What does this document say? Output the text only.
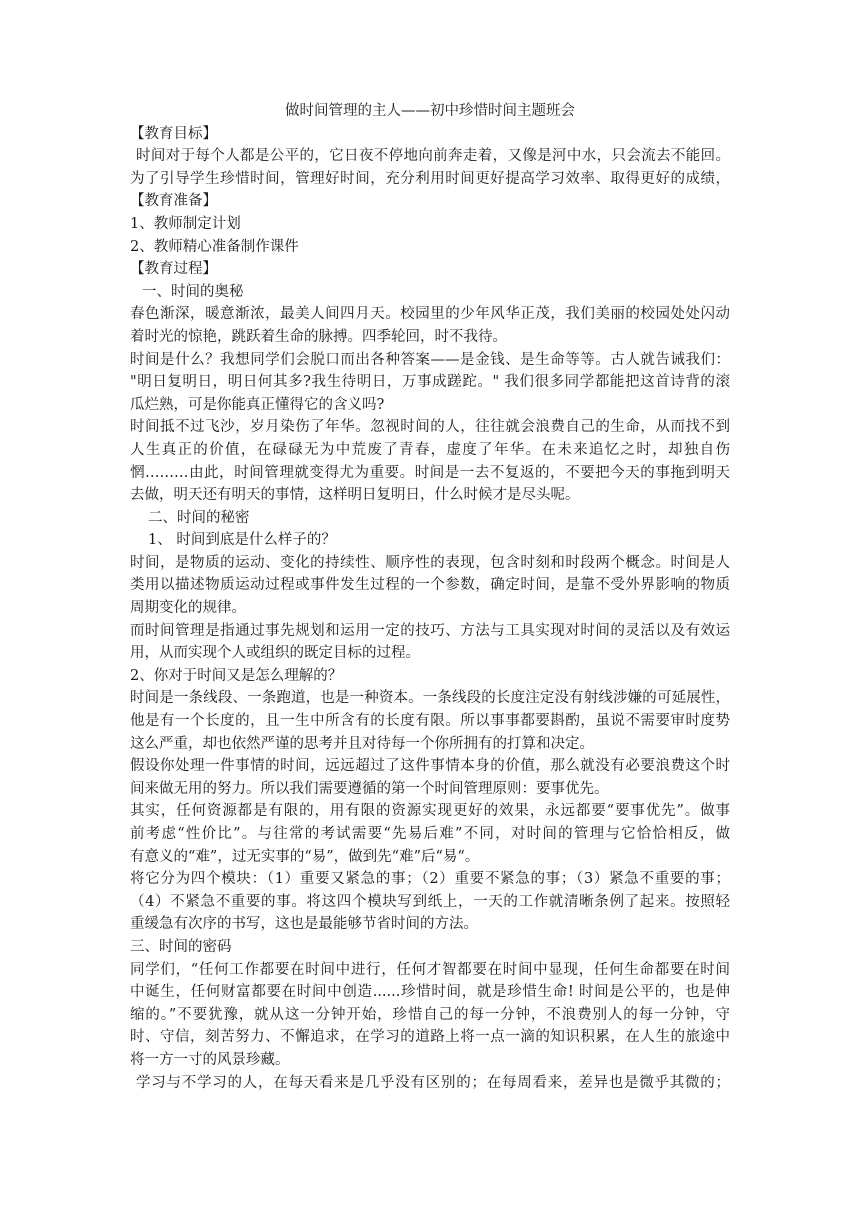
做时间管理的主人——初中珍惜时间主题班会
【教育目标】
时间对于每个人都是公平的，它日夜不停地向前奔走着，又像是河中水，只会流去不能回。
为了引导学生珍惜时间，管理好时间，充分利用时间更好提高学习效率、取得更好的成绩，
【教育准备】
1、教师制定计划
2、教师精心准备制作课件
【教育过程】
一、时间的奥秘
春色渐深，暖意渐浓，最美人间四月天。校园里的少年风华正茂，我们美丽的校园处处闪动
着时光的惊艳，跳跃着生命的脉搏。四季轮回，时不我待。
时间是什么？我想同学们会脱口而出各种答案——是金钱、是生命等等。古人就告诫我们：
"明日复明日，明日何其多?我生待明日，万事成蹉跎。" 我们很多同学都能把这首诗背的滚
瓜烂熟，可是你能真正懂得它的含义吗?
时间抵不过飞沙，岁月染伤了年华。忽视时间的人，往往就会浪费自己的生命，从而找不到
人生真正的价值，在碌碌无为中荒废了青春，虚度了年华。在未来追忆之时，却独自伤
惘………由此，时间管理就变得尤为重要。时间是一去不复返的，不要把今天的事拖到明天
去做，明天还有明天的事情，这样明日复明日，什么时候才是尽头呢。
二、时间的秘密
1、 时间到底是什么样子的？
时间，是物质的运动、变化的持续性、顺序性的表现，包含时刻和时段两个概念。时间是人
类用以描述物质运动过程或事件发生过程的一个参数，确定时间，是靠不受外界影响的物质
周期变化的规律。
而时间管理是指通过事先规划和运用一定的技巧、方法与工具实现对时间的灵活以及有效运
用，从而实现个人或组织的既定目标的过程。
2、你对于时间又是怎么理解的？
时间是一条线段、一条跑道，也是一种资本。一条线段的长度注定没有射线涉嫌的可延展性，
他是有一个长度的，且一生中所含有的长度有限。所以事事都要斟酌，虽说不需要审时度势
这么严重，却也依然严谨的思考并且对待每一个你所拥有的打算和决定。
假设你处理一件事情的时间，远远超过了这件事情本身的价值，那么就没有必要浪费这个时
间来做无用的努力。所以我们需要遵循的第一个时间管理原则：要事优先。
其实，任何资源都是有限的，用有限的资源实现更好的效果，永远都要“要事优先”。做事
前考虑“性价比”。与往常的考试需要“先易后难”不同，对时间的管理与它恰恰相反，做
有意义的“难”，过无实事的“易”，做到先“难”后“易“。
将它分为四个模块：（1）重要又紧急的事；（2）重要不紧急的事；（3）紧急不重要的事；
（4）不紧急不重要的事。将这四个模块写到纸上，一天的工作就清晰条例了起来。按照轻
重缓急有次序的书写，这也是最能够节省时间的方法。
三、时间的密码
同学们，“任何工作都要在时间中进行，任何才智都要在时间中显现，任何生命都要在时间
中诞生，任何财富都要在时间中创造......珍惜时间，就是珍惜生命! 时间是公平的，也是伸
缩的。”不要犹豫，就从这一分钟开始，珍惜自己的每一分钟，不浪费别人的每一分钟，守
时、守信，刻苦努力、不懈追求，在学习的道路上将一点一滴的知识积累，在人生的旅途中
将一方一寸的风景珍藏。
学习与不学习的人，在每天看来是几乎没有区别的；在每周看来，差异也是微乎其微的；
